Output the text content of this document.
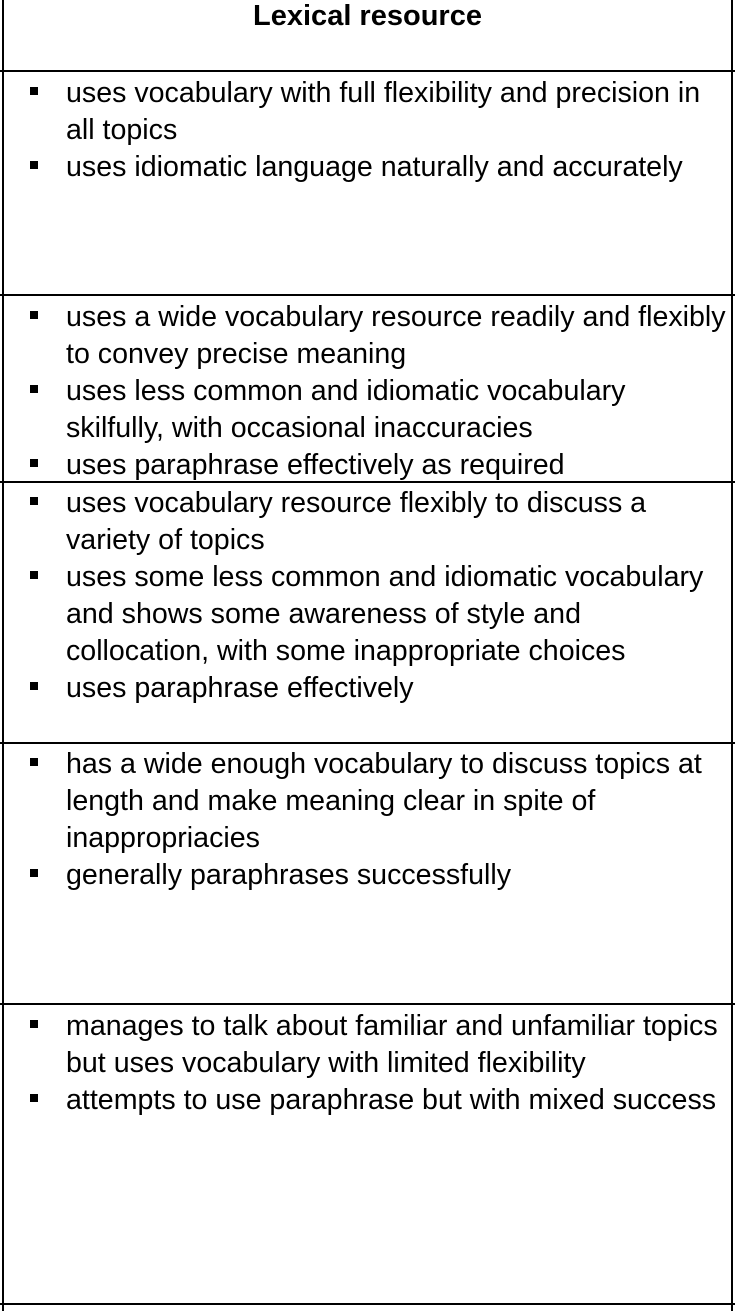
Lexical resource
uses vocabulary with full flexibility and precision in all topics
uses idiomatic language naturally and accurately
uses a wide vocabulary resource readily and flexibly to convey precise meaning
uses less common and idiomatic vocabulary skilfully, with occasional inaccuracies
uses paraphrase effectively as required
uses vocabulary resource flexibly to discuss a variety of topics
uses some less common and idiomatic vocabulary and shows some awareness of style and collocation, with some inappropriate choices
uses paraphrase effectively
has a wide enough vocabulary to discuss topics at length and make meaning clear in spite of inappropriacies
generally paraphrases successfully
manages to talk about familiar and unfamiliar topics but uses vocabulary with limited flexibility
attempts to use paraphrase but with mixed success
